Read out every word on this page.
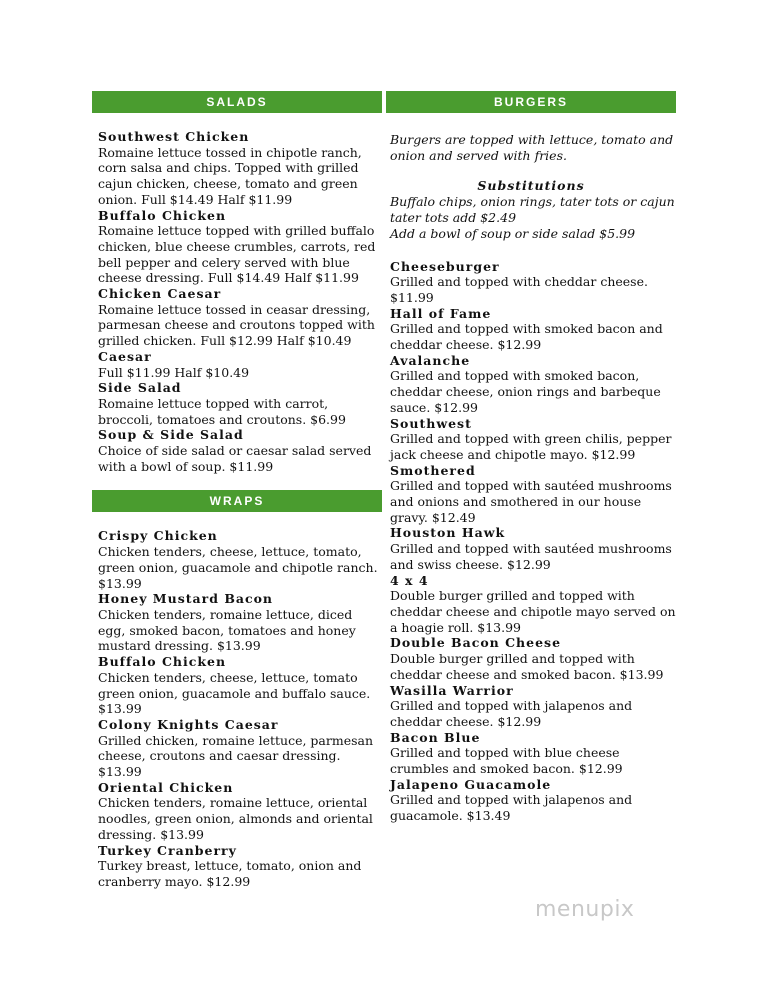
SALADS
Southwest Chicken
Romaine lettuce tossed in chipotle ranch, corn salsa and chips. Topped with grilled cajun chicken, cheese, tomato and green onion. Full $14.49 Half $11.99
Buffalo Chicken
Romaine lettuce topped with grilled buffalo chicken, blue cheese crumbles, carrots, red bell pepper and celery served with blue cheese dressing. Full $14.49 Half $11.99
Chicken Caesar
Romaine lettuce tossed in ceasar dressing, parmesan cheese and croutons topped with grilled chicken. Full $12.99 Half $10.49
Caesar
Full $11.99 Half $10.49
Side Salad
Romaine lettuce topped with carrot, broccoli, tomatoes and croutons. $6.99
Soup & Side Salad
Choice of side salad or caesar salad served with a bowl of soup. $11.99
WRAPS
Crispy Chicken
Chicken tenders, cheese, lettuce, tomato, green onion, guacamole and chipotle ranch. $13.99
Honey Mustard Bacon
Chicken tenders, romaine lettuce, diced egg, smoked bacon, tomatoes and honey mustard dressing. $13.99
Buffalo Chicken
Chicken tenders, cheese, lettuce, tomato green onion, guacamole and buffalo sauce. $13.99
Colony Knights Caesar
Grilled chicken, romaine lettuce, parmesan cheese, croutons and caesar dressing. $13.99
Oriental Chicken
Chicken tenders, romaine lettuce, oriental noodles, green onion, almonds and oriental dressing. $13.99
Turkey Cranberry
Turkey breast, lettuce, tomato, onion and cranberry mayo. $12.99
BURGERS
Burgers are topped with lettuce, tomato and onion and served with fries.
Substitutions
Buffalo chips, onion rings, tater tots or cajun tater tots add $2.49
Add a bowl of soup or side salad $5.99
Cheeseburger
Grilled and topped with cheddar cheese. $11.99
Hall of Fame
Grilled and topped with smoked bacon and cheddar cheese. $12.99
Avalanche
Grilled and topped with smoked bacon, cheddar cheese, onion rings and barbeque sauce. $12.99
Southwest
Grilled and topped with green chilis, pepper jack cheese and chipotle mayo. $12.99
Smothered
Grilled and topped with sautéed mushrooms and onions and smothered in our house gravy. $12.49
Houston Hawk
Grilled and topped with sautéed mushrooms and swiss cheese. $12.99
4 x 4
Double burger grilled and topped with cheddar cheese and chipotle mayo served on a hoagie roll. $13.99
Double Bacon Cheese
Double burger grilled and topped with cheddar cheese and smoked bacon. $13.99
Wasilla Warrior
Grilled and topped with jalapenos and cheddar cheese. $12.99
Bacon Blue
Grilled and topped with blue cheese crumbles and smoked bacon. $12.99
Jalapeno Guacamole
Grilled and topped with jalapenos and guacamole. $13.49
menupix
